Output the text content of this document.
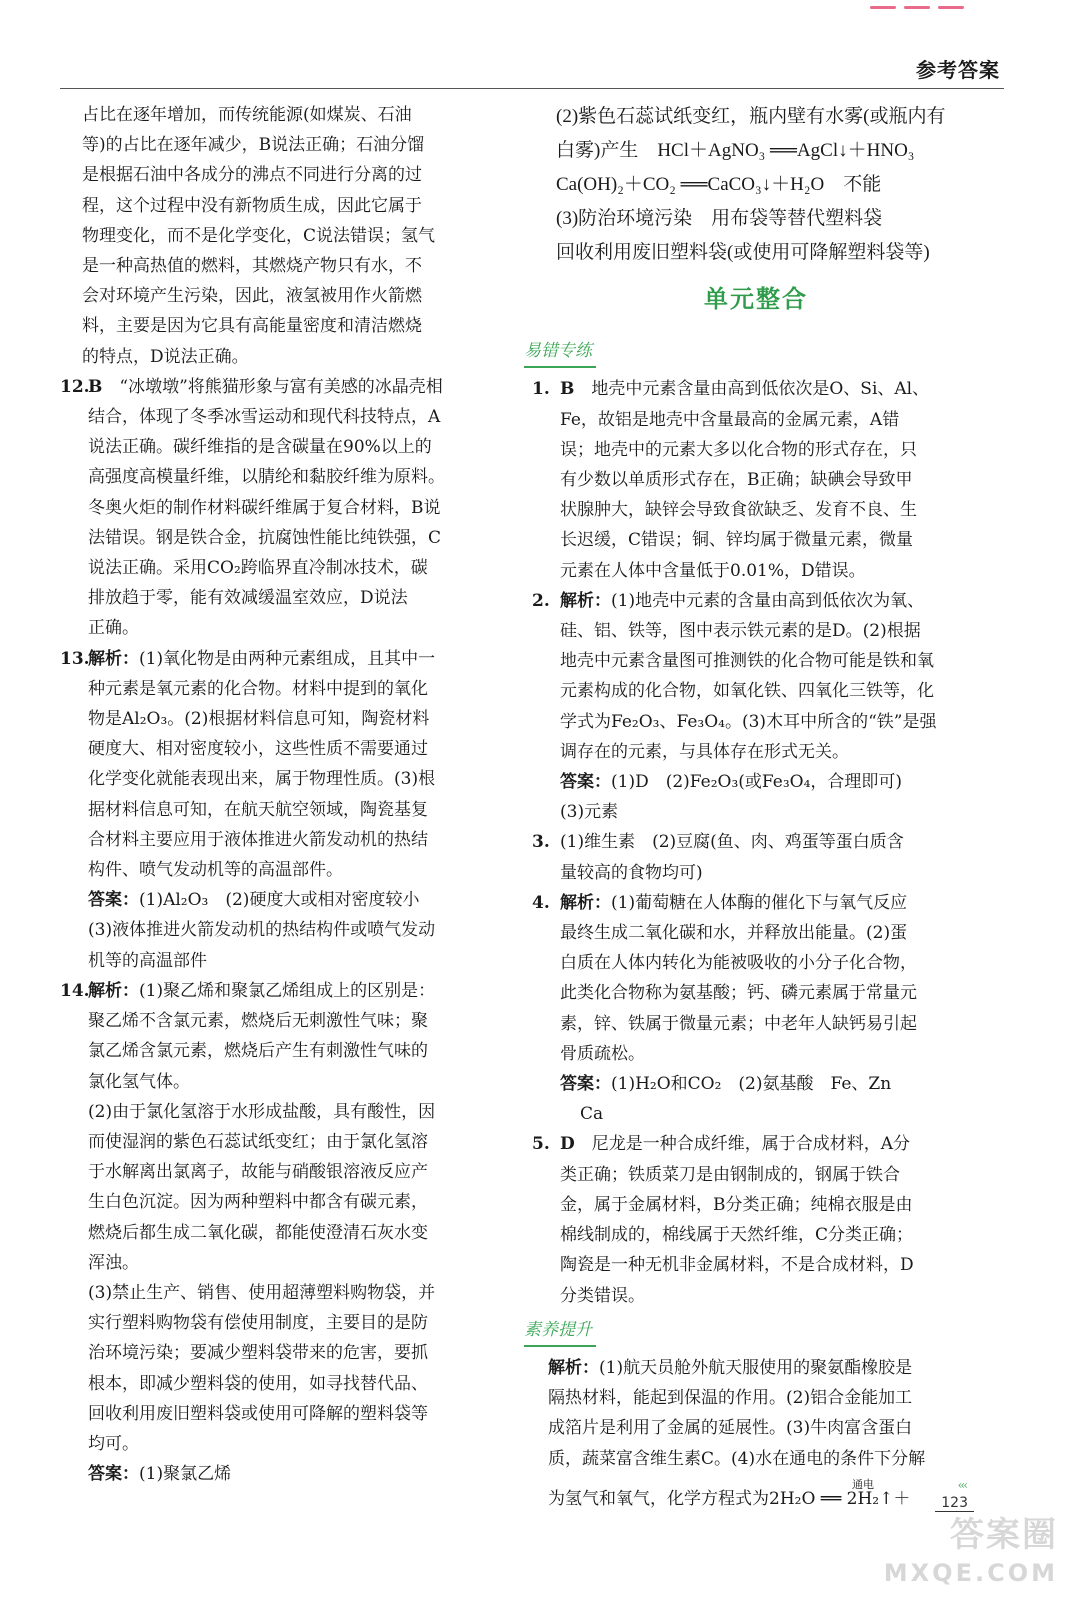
参考答案

占比在逐年增加，而传统能源(如煤炭、石油

等)的占比在逐年减少，B说法正确；石油分馏

是根据石油中各成分的沸点不同进行分离的过

程，这个过程中没有新物质生成，因此它属于

物理变化，而不是化学变化，C说法错误；氢气

是一种高热值的燃料，其燃烧产物只有水，不

会对环境产生污染，因此，液氢被用作火箭燃

料，主要是因为它具有高能量密度和清洁燃烧

的特点，D说法正确。

12.

B　 “冰墩墩”将熊猫形象与富有美感的冰晶壳相

结合，体现了冬季冰雪运动和现代科技特点，A

说法正确。碳纤维指的是含碳量在90%以上的

高强度高模量纤维，以腈纶和黏胶纤维为原料。

冬奥火炬的制作材料碳纤维属于复合材料，B说

法错误。钢是铁合金，抗腐蚀性能比纯铁强，C

说法正确。采用CO₂跨临界直冷制冰技术，碳

排放趋于零，能有效减缓温室效应，D说法

正确。

13.

解析：(1)氧化物是由两种元素组成，且其中一

种元素是氧元素的化合物。材料中提到的氧化

物是Al₂O₃。(2)根据材料信息可知，陶瓷材料

硬度大、相对密度较小，这些性质不需要通过

化学变化就能表现出来，属于物理性质。(3)根

据材料信息可知，在航天航空领域，陶瓷基复

合材料主要应用于液体推进火箭发动机的热结

构件、喷气发动机等的高温部件。

答案：(1)Al₂O₃　(2)硬度大或相对密度较小

(3)液体推进火箭发动机的热结构件或喷气发动

机等的高温部件

14.

解析：(1)聚乙烯和聚氯乙烯组成上的区别是：

聚乙烯不含氯元素，燃烧后无刺激性气味；聚

氯乙烯含氯元素，燃烧后产生有刺激性气味的

氯化氢气体。

(2)由于氯化氢溶于水形成盐酸，具有酸性，因

而使湿润的紫色石蕊试纸变红；由于氯化氢溶

于水解离出氯离子，故能与硝酸银溶液反应产

生白色沉淀。因为两种塑料中都含有碳元素，

燃烧后都生成二氧化碳，都能使澄清石灰水变

浑浊。

(3)禁止生产、销售、使用超薄塑料购物袋，并

实行塑料购物袋有偿使用制度，主要目的是防

治环境污染；要减少塑料袋带来的危害，要抓

根本，即减少塑料袋的使用，如寻找替代品、

回收利用废旧塑料袋或使用可降解的塑料袋等

均可。

答案：(1)聚氯乙烯

(2)紫色石蕊试纸变红，瓶内壁有水雾(或瓶内有

白雾)产生　HCl＋AgNO₃ ══AgCl↓＋HNO₃

Ca(OH)₂＋CO₂ ══CaCO₃↓＋H₂O　不能

(3)防治环境污染　用布袋等替代塑料袋

回收利用废旧塑料袋(或使用可降解塑料袋等)

单元整合
易错专练
1. B　 地壳中元素含量由高到低依次是O、Si、Al、

Fe，故铝是地壳中含量最高的金属元素，A错

误；地壳中的元素大多以化合物的形式存在，只

有少数以单质形式存在，B正确；缺碘会导致甲

状腺肿大，缺锌会导致食欲缺乏、发育不良、生

长迟缓，C错误；铜、锌均属于微量元素，微量

元素在人体中含量低于0.01%，D错误。

2. 解析：(1)地壳中元素的含量由高到低依次为氧、

硅、铝、铁等，图中表示铁元素的是D。(2)根据

地壳中元素含量图可推测铁的化合物可能是铁和氧

元素构成的化合物，如氧化铁、四氧化三铁等，化

学式为Fe₂O₃、Fe₃O₄。(3)木耳中所含的“铁”是强

调存在的元素，与具体存在形式无关。

答案：(1)D　(2)Fe₂O₃(或Fe₃O₄，合理即可)

(3)元素

3. (1)维生素　(2)豆腐(鱼、肉、鸡蛋等蛋白质含

量较高的食物均可)

4. 解析：(1)葡萄糖在人体酶的催化下与氧气反应

最终生成二氧化碳和水，并释放出能量。(2)蛋

白质在人体内转化为能被吸收的小分子化合物，

此类化合物称为氨基酸；钙、磷元素属于常量元

素，锌、铁属于微量元素；中老年人缺钙易引起

骨质疏松。

答案：(1)H₂O和CO₂　(2)氨基酸　Fe、Zn

Ca

5. D　 尼龙是一种合成纤维，属于合成材料，A分

类正确；铁质菜刀是由钢制成的，钢属于铁合

金，属于金属材料，B分类正确；纯棉衣服是由

棉线制成的，棉线属于天然纤维，C分类正确；

陶瓷是一种无机非金属材料，不是合成材料，D

分类错误。

素养提升

解析：(1)航天员舱外航天服使用的聚氨酯橡胶是

隔热材料，能起到保温的作用。(2)铝合金能加工

成箔片是利用了金属的延展性。(3)牛肉富含蛋白

质，蔬菜富含维生素C。(4)水在通电的条件下分解

为氢气和氧气，化学方程式为2H₂O ══ 2H₂↑＋
通电	‹‹‹
123
答案圈
MXQE.COM
